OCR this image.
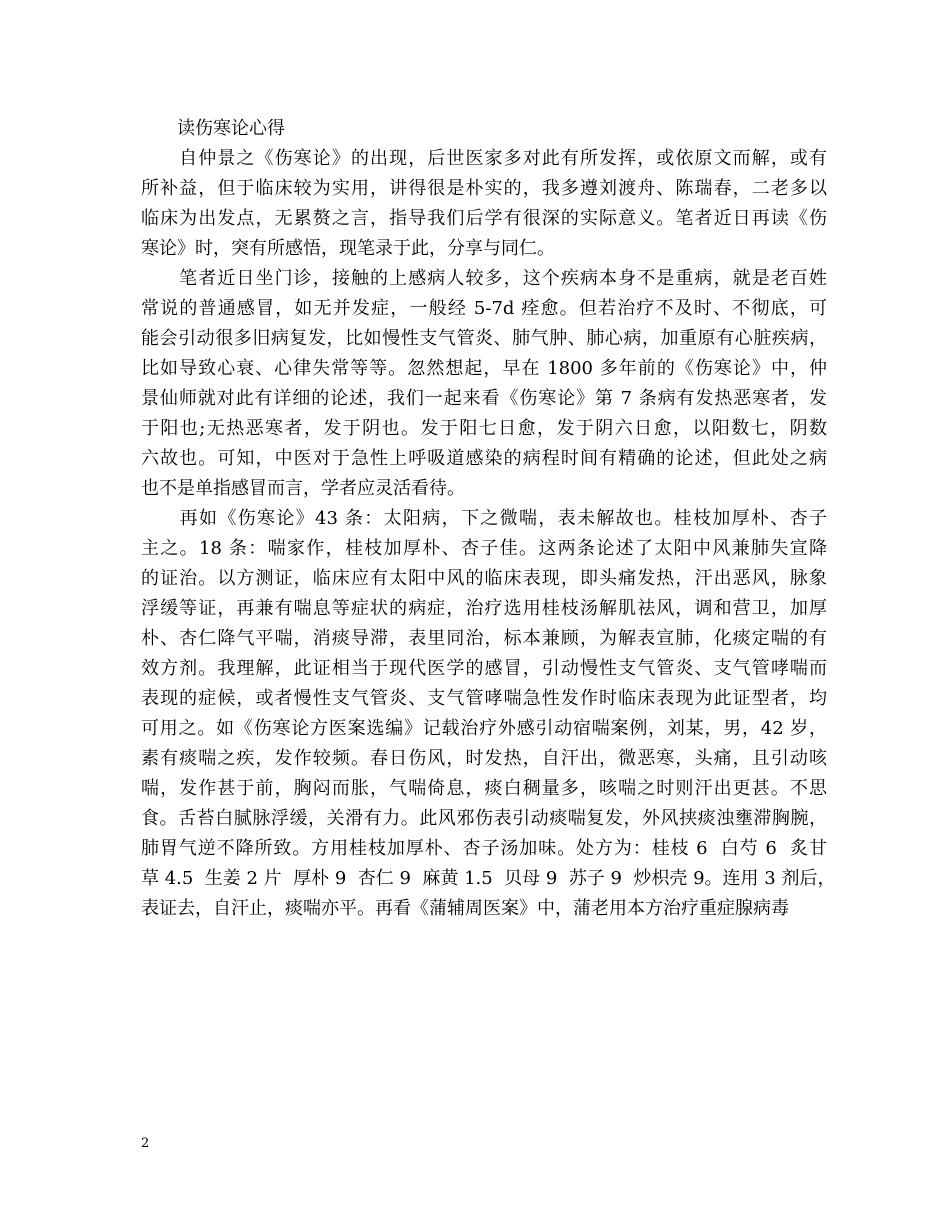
　　读伤寒论心得
　　自仲景之《伤寒论》的出现，后世医家多对此有所发挥，或依原文而解，或有
所补益，但于临床较为实用，讲得很是朴实的，我多遵刘渡舟、陈瑞春，二老多以
临床为出发点，无累赘之言，指导我们后学有很深的实际意义。笔者近日再读《伤
寒论》时，突有所感悟，现笔录于此，分享与同仁。
　　笔者近日坐门诊，接触的上感病人较多，这个疾病本身不是重病，就是老百姓
常说的普通感冒，如无并发症，一般经 5-7d 痊愈。但若治疗不及时、不彻底，可
能会引动很多旧病复发，比如慢性支气管炎、肺气肿、肺心病，加重原有心脏疾病，
比如导致心衰、心律失常等等。忽然想起，早在 1800 多年前的《伤寒论》中，仲
景仙师就对此有详细的论述，我们一起来看《伤寒论》第 7 条病有发热恶寒者，发
于阳也;无热恶寒者，发于阴也。发于阳七日愈，发于阴六日愈，以阳数七，阴数
六故也。可知，中医对于急性上呼吸道感染的病程时间有精确的论述，但此处之病
也不是单指感冒而言，学者应灵活看待。
　　再如《伤寒论》43 条：太阳病，下之微喘，表未解故也。桂枝加厚朴、杏子
主之。18 条：喘家作，桂枝加厚朴、杏子佳。这两条论述了太阳中风兼肺失宣降
的证治。以方测证，临床应有太阳中风的临床表现，即头痛发热，汗出恶风，脉象
浮缓等证，再兼有喘息等症状的病症，治疗选用桂枝汤解肌祛风，调和营卫，加厚
朴、杏仁降气平喘，消痰导滞，表里同治，标本兼顾，为解表宣肺，化痰定喘的有
效方剂。我理解，此证相当于现代医学的感冒，引动慢性支气管炎、支气管哮喘而
表现的症候，或者慢性支气管炎、支气管哮喘急性发作时临床表现为此证型者，均
可用之。如《伤寒论方医案选编》记载治疗外感引动宿喘案例，刘某，男，42 岁，
素有痰喘之疾，发作较频。春日伤风，时发热，自汗出，微恶寒，头痛，且引动咳
喘，发作甚于前，胸闷而胀，气喘倚息，痰白稠量多，咳喘之时则汗出更甚。不思
食。舌苔白腻脉浮缓，关滑有力。此风邪伤表引动痰喘复发，外风挟痰浊壅滞胸腕，
肺胃气逆不降所致。方用桂枝加厚朴、杏子汤加味。处方为：桂枝 6  白芍 6  炙甘
草 4.5  生姜 2 片  厚朴 9  杏仁 9  麻黄 1.5  贝母 9  苏子 9  炒枳壳 9。连用 3 剂后，
表证去，自汗止，痰喘亦平。再看《蒲辅周医案》中，蒲老用本方治疗重症腺病毒
2
